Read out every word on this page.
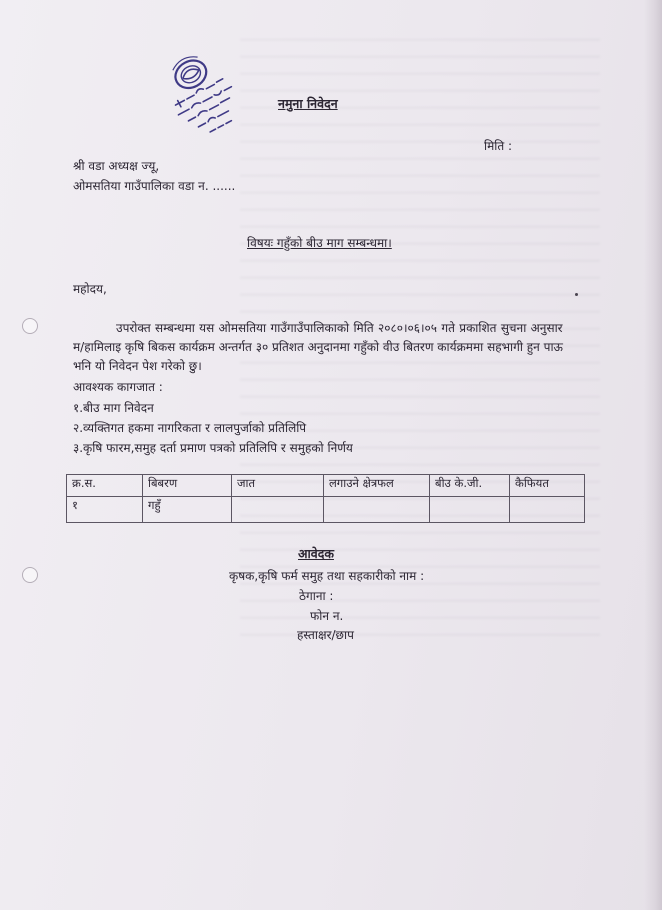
नमुना निवेदन
मिति :
श्री वडा अध्यक्ष ज्यू,
ओमसतिया गाउँपालिका वडा न. ......
विषयः गहुँको बीउ माग सम्बन्धमा।
महोदय,
उपरोक्त सम्बन्धमा यस ओमसतिया गाउँगाउँपालिकाको मिति २०८०।०६।०५ गते प्रकाशित सुचना अनुसार
म/हामिलाइ कृषि बिकस कार्यक्रम अन्तर्गत ३० प्रतिशत अनुदानमा गहुँको वीउ बितरण कार्यक्रममा सहभागी हुन पाऊ
भनि यो निवेदन पेश गरेको छु।
आवश्यक कागजात :
१.बीउ माग निवेदन
२.व्यक्तिगत हकमा नागरिकता र लालपुर्जाको प्रतिलिपि
३.कृषि फारम,समुह दर्ता प्रमाण पत्रको प्रतिलिपि र समुहको निर्णय
क्र.स.	बिबरण	जात	लगाउने क्षेत्रफल	बीउ के.जी.	कैफियत
१	गहुँ				
आवेदक
कृषक,कृषि फर्म समुह तथा सहकारीको नाम :
ठेगाना :
फोन न.
हस्ताक्षर/छाप
